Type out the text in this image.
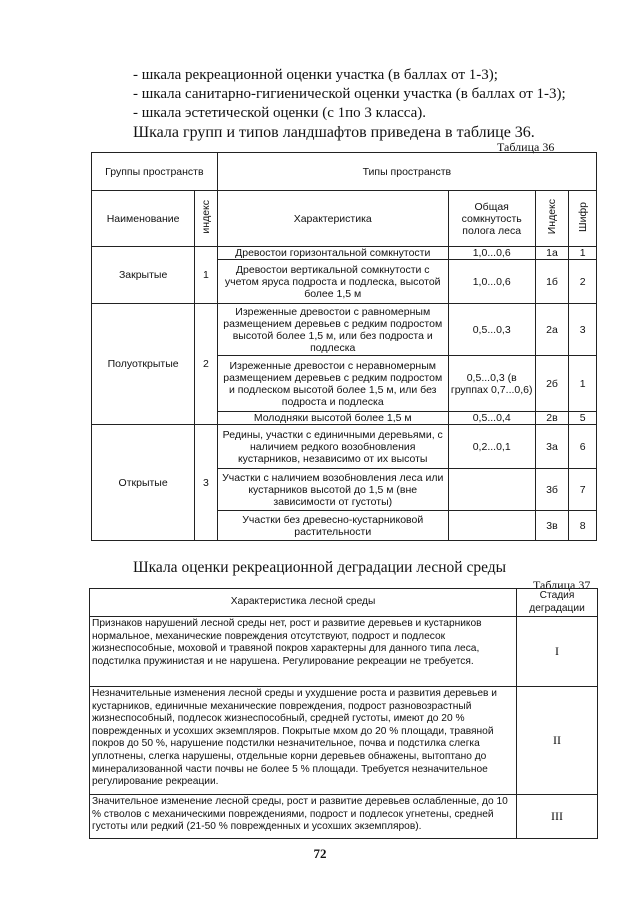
- шкала рекреационной оценки участка (в баллах от 1-3);
- шкала санитарно-гигиенической оценки участка (в баллах от 1-3);
- шкала эстетической оценки (с 1по 3 класса).
Шкала групп и типов ландшафтов приведена в таблице 36.
Таблица 36
Группы пространств		Типы пространств			
Наименование	индекс	Характеристика	Общая сомкнутость полога леса	Индекс	Шифр
Закрытые	1	Древостои горизонтальной сомкнутости	1,0...0,6	1а	1
		Древостои вертикальной сомкнутости с учетом яруса подроста и подлеска, высотой более 1,5 м	1,0...0,6	1б	2
Полуоткрытые	2	Изреженные древостои с равномерным размещением деревьев с редким подростом высотой более 1,5 м, или без подроста и подлеска	0,5...0,3	2а	3
		Изреженные древостои с неравномерным размещением деревьев с редким подростом и подлеском высотой более 1,5 м, или без подроста и подлеска	0,5...0,3 (в группах 0,7...0,6)	2б	1
		Молодняки высотой более 1,5 м	0,5...0,4	2в	5
Открытые	3	Редины, участки с единичными деревьями, с наличием редкого возобновления кустарников, независимо от их высоты	0,2...0,1	3а	6
		Участки с наличием возобновления леса или кустарников высотой до 1,5 м (вне зависимости от густоты)		3б	7
		Участки без древесно-кустарниковой растительности		3в	8
Шкала оценки рекреационной деградации лесной среды
Таблица 37
Характеристика лесной среды	Стадия деградации
Признаков нарушений лесной среды нет, рост и развитие деревьев и кустарников нормальное, механические повреждения отсутствуют, подрост и подлесок жизнеспособные, моховой и травяной покров характерны для данного типа леса, подстилка пружинистая и не нарушена. Регулирование рекреации не требуется.	I
Незначительные изменения лесной среды и ухудшение роста и развития деревьев и кустарников, единичные механические повреждения, подрост разновозрастный жизнеспособный, подлесок жизнеспособный, средней густоты, имеют до 20 % поврежденных и усохших экземпляров. Покрытые мхом до 20 % площади, травяной покров до 50 %, нарушение подстилки незначительное, почва и подстилка слегка уплотнены, слегка нарушены, отдельные корни деревьев обнажены, вытоптано до минерализованной части почвы не более 5 % площади. Требуется незначительное регулирование рекреации.	II
Значительное изменение лесной среды, рост и развитие деревьев ослабленные, до 10 % стволов с механическими повреждениями, подрост и подлесок угнетены, средней густоты или редкий (21-50 % поврежденных и усохших экземпляров).	III
72
